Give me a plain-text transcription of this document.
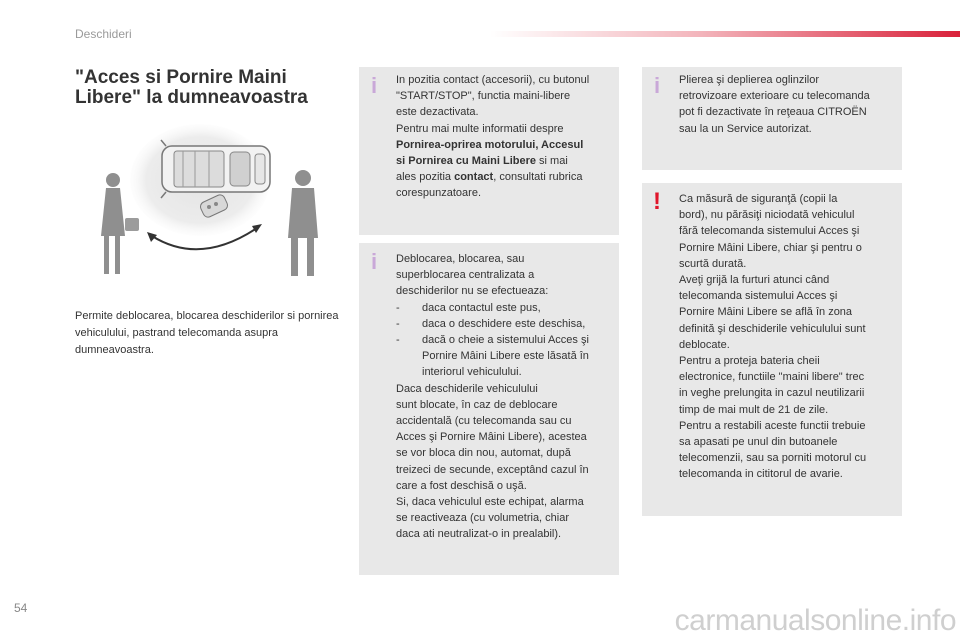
Deschideri
"Acces si Pornire Maini Libere" la dumneavoastra

Permite deblocarea, blocarea deschiderilor si pornirea vehiculului, pastrand telecomanda asupra dumneavoastra.

i In pozitia contact (accesorii), cu butonul

"START/STOP", functia maini-libere

este dezactivata.

Pentru mai multe informatii despre

Pornirea-oprirea motorului, Accesul

si Pornirea cu Maini Libere si mai

ales pozitia contact, consultati rubrica

corespunzatoare.

i Deblocarea, blocarea, sau

superblocarea centralizata a

deschiderilor nu se efectueaza:

- daca contactul este pus,
- daca o deschidere este deschisa,
- dacă o cheie a sistemului Acces şi Pornire Mâini Libere este lăsată în interiorul vehiculului.

Daca deschiderile vehiculului

sunt blocate, în caz de deblocare

accidentală (cu telecomanda sau cu

Acces şi Pornire Mâini Libere), acestea

se vor bloca din nou, automat, după

treizeci de secunde, exceptând cazul în

care a fost deschisă o uşă.

Si, daca vehiculul este echipat, alarma

se reactiveaza (cu volumetria, chiar

daca ati neutralizat-o in prealabil).

i Plierea şi deplierea oglinzilor

retrovizoare exterioare cu telecomanda

pot fi dezactivate în reţeaua CITROËN

sau la un Service autorizat.

! Ca măsură de siguranţă (copii la

bord), nu părăsiţi niciodată vehiculul

fără telecomanda sistemului Acces şi

Pornire Mâini Libere, chiar şi pentru o

scurtă durată.

Aveţi grijă la furturi atunci când

telecomanda sistemului Acces şi

Pornire Mâini Libere se află în zona

definită şi deschiderile vehiculului sunt

deblocate.

Pentru a proteja bateria cheii

electronice, functiile "maini libere" trec

in veghe prelungita in cazul neutilizarii

timp de mai mult de 21 de zile.

Pentru a restabili aceste functii trebuie

sa apasati pe unul din butoanele

telecomenzii, sau sa porniti motorul cu

telecomanda in cititorul de avarie.

54	carmanualsonline.info
